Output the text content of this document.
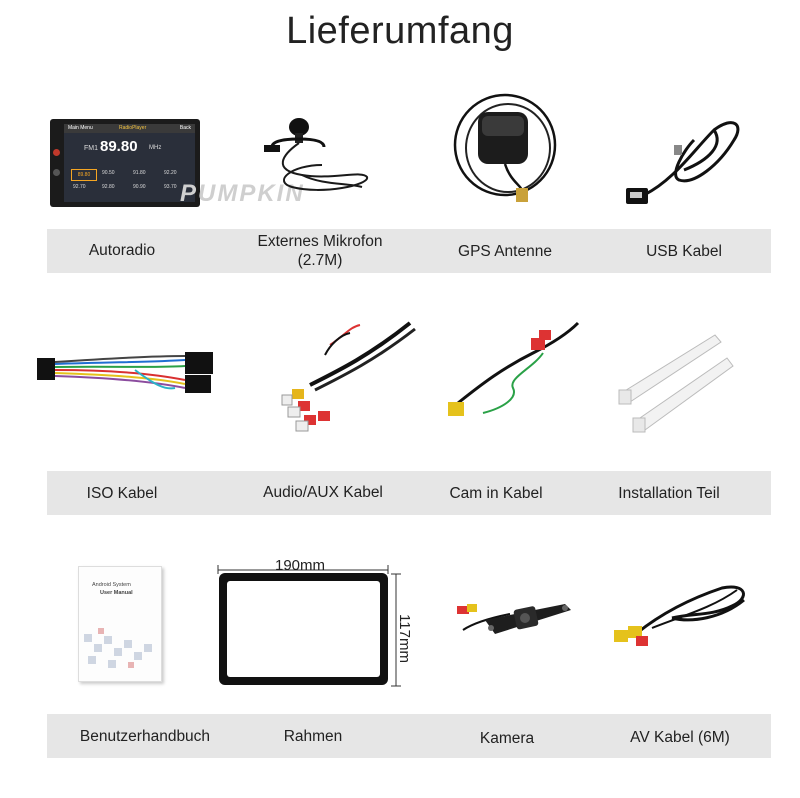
Lieferumfang
Autoradio
Externes Mikrofon
(2.7M)
GPS Antenne	USB Kabel
ISO Kabel	Audio/AUX Kabel	Cam in Kabel	Installation Teil
Benutzerhandbuch	Rahmen	Kamera	AV Kabel (6M)
Main Menu	RadioPlayer	Back
FM1 89.80 MHz
89.80	90.50	91.80	92.20
92.70	92.80	90.90	93.70 PUMPKIN
Android System
User Manual
190mm
117mm
